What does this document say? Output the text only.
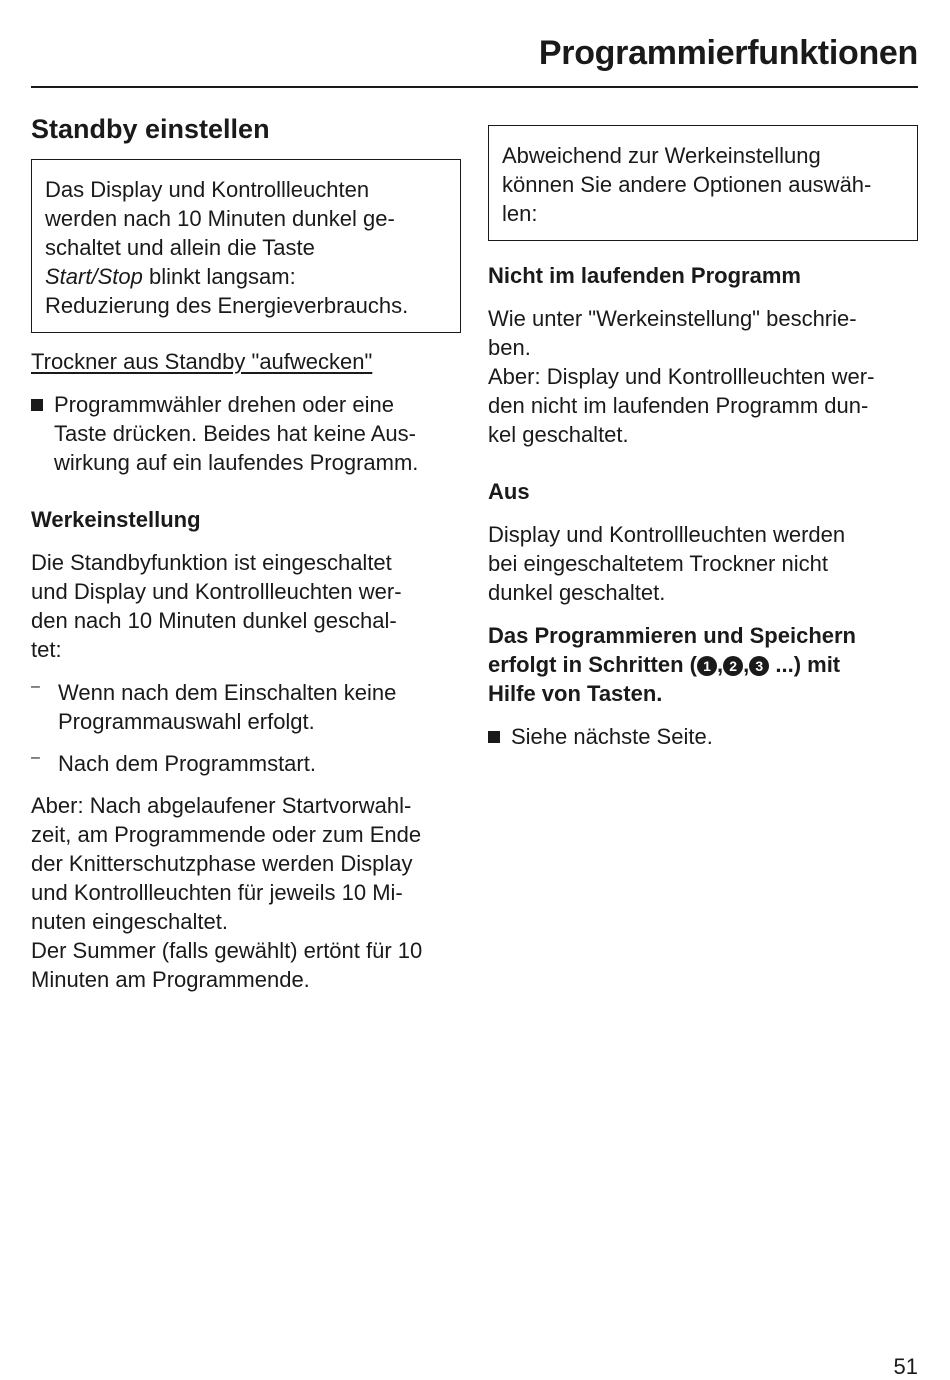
Programmierfunktionen
Standby einstellen
Das Display und Kontrollleuchten
werden nach 10 Minuten dunkel ge-
schaltet und allein die Taste
Start/Stop blinkt langsam:
Reduzierung des Energieverbrauchs.

Trockner aus Standby "aufwecken"

Programmwähler drehen oder eine
Taste drücken. Beides hat keine Aus-
wirkung auf ein laufendes Programm.
Werkeinstellung
Die Standbyfunktion ist eingeschaltet
und Display und Kontrollleuchten wer-
den nach 10 Minuten dunkel geschal-
tet:
– Wenn nach dem Einschalten keine
Programmauswahl erfolgt.
– Nach dem Programmstart.
Aber: Nach abgelaufener Startvorwahl-
zeit, am Programmende oder zum Ende
der Knitterschutzphase werden Display
und Kontrollleuchten für jeweils 10 Mi-
nuten eingeschaltet.
Der Summer (falls gewählt) ertönt für 10
Minuten am Programmende.
Abweichend zur Werkeinstellung
können Sie andere Optionen auswäh-
len:
Nicht im laufenden Programm
Wie unter "Werkeinstellung" beschrie-
ben.
Aber: Display und Kontrollleuchten wer-
den nicht im laufenden Programm dun-
kel geschaltet.
Aus
Display und Kontrollleuchten werden
bei eingeschaltetem Trockner nicht
dunkel geschaltet.
Das Programmieren und Speichern
erfolgt in Schritten ( 1 , 2 , 3 ...) mit
Hilfe von Tasten.
Siehe nächste Seite.
51
